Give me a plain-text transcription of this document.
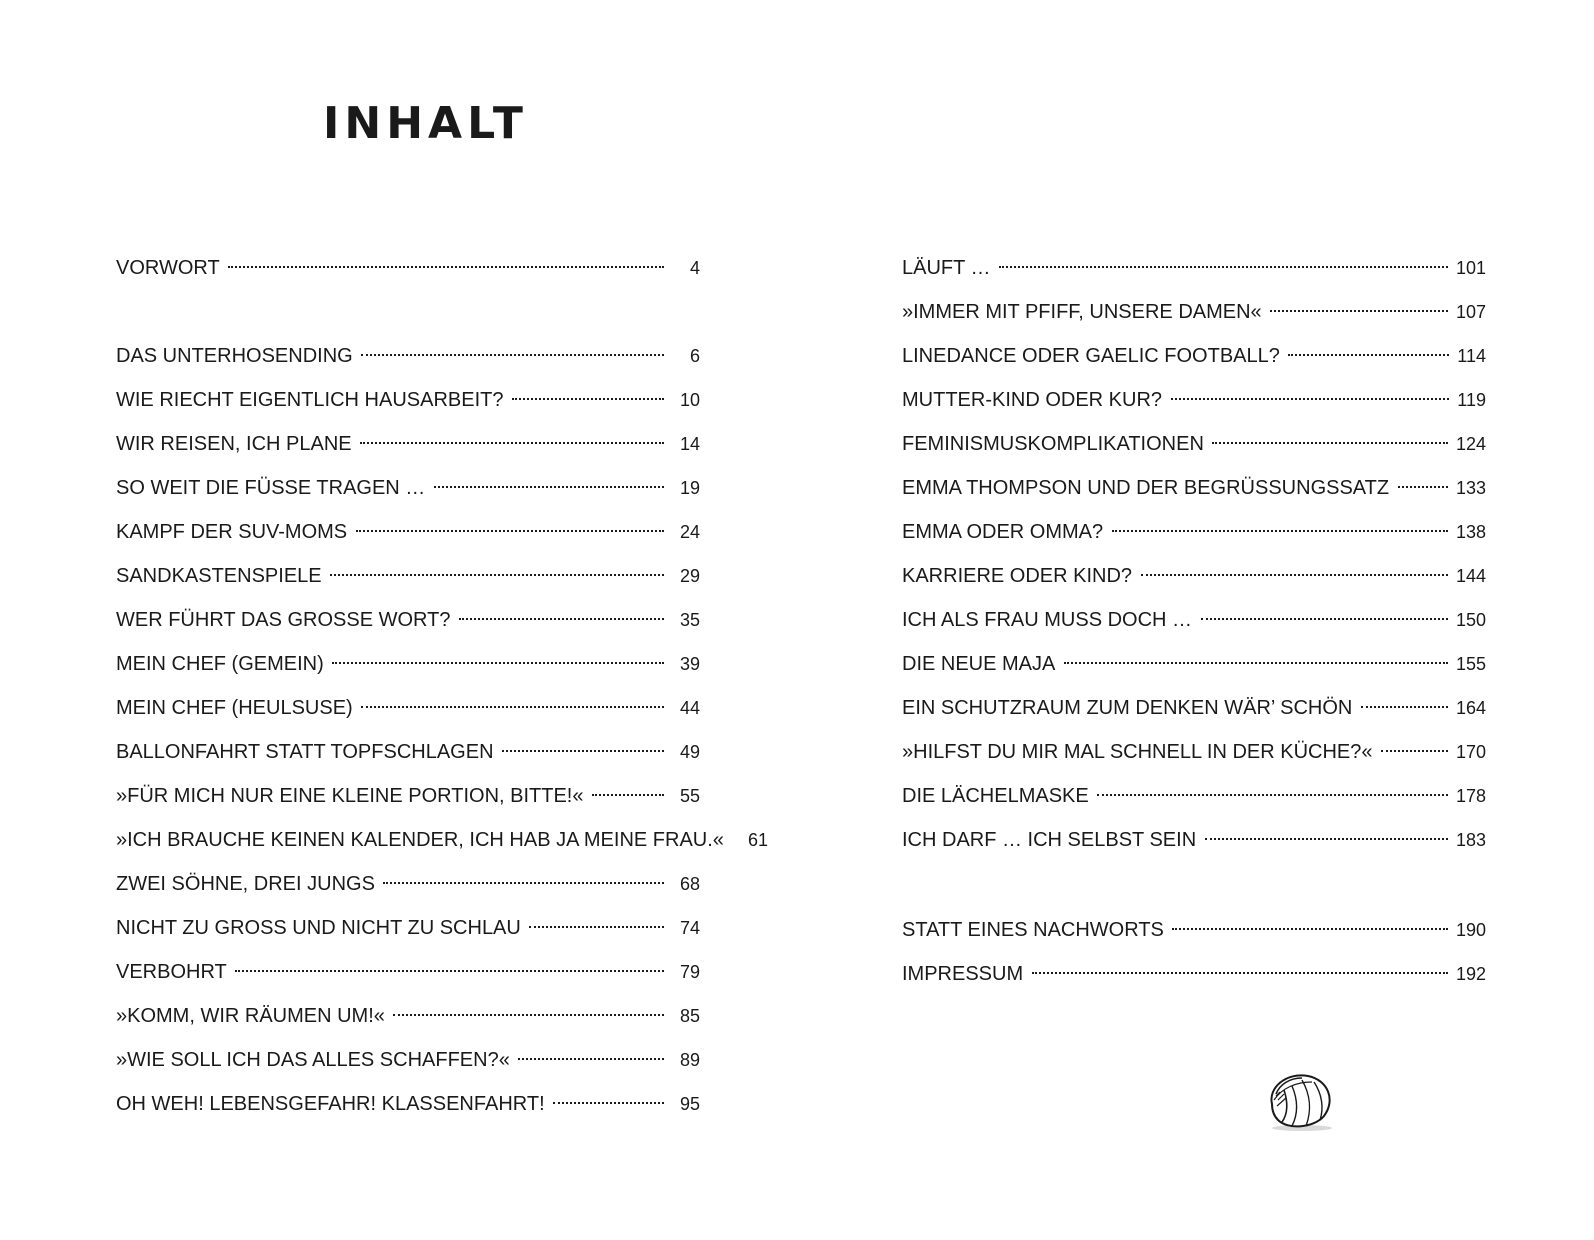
INHALT
VORWORT	4
DAS UNTERHOSENDING	6
WIE RIECHT EIGENTLICH HAUSARBEIT?	10
WIR REISEN, ICH PLANE	14
SO WEIT DIE FÜSSE TRAGEN …	19
KAMPF DER SUV-MOMS	24
SANDKASTENSPIELE	29
WER FÜHRT DAS GROSSE WORT?	35
MEIN CHEF (GEMEIN)	39
MEIN CHEF (HEULSUSE)	44
BALLONFAHRT STATT TOPFSCHLAGEN	49
»FÜR MICH NUR EINE KLEINE PORTION, BITTE!«	55
»ICH BRAUCHE KEINEN KALENDER, ICH HAB JA MEINE FRAU.«	61
ZWEI SÖHNE, DREI JUNGS	68
NICHT ZU GROSS UND NICHT ZU SCHLAU	74
VERBOHRT	79
»KOMM, WIR RÄUMEN UM!«	85
»WIE SOLL ICH DAS ALLES SCHAFFEN?«	89
OH WEH! LEBENSGEFAHR! KLASSENFAHRT!	95
LÄUFT …	101
»IMMER MIT PFIFF, UNSERE DAMEN«	107
LINEDANCE ODER GAELIC FOOTBALL?	114
MUTTER-KIND ODER KUR?	119
FEMINISMUSKOMPLIKATIONEN	124
EMMA THOMPSON UND DER BEGRÜSSUNGSSATZ	133
EMMA ODER OMMA?	138
KARRIERE ODER KIND?	144
ICH ALS FRAU MUSS DOCH …	150
DIE NEUE MAJA	155
EIN SCHUTZRAUM ZUM DENKEN WÄR’ SCHÖN	164
»HILFST DU MIR MAL SCHNELL IN DER KÜCHE?«	170
DIE LÄCHELMASKE	178
ICH DARF … ICH SELBST SEIN	183
STATT EINES NACHWORTS	190
IMPRESSUM	192
